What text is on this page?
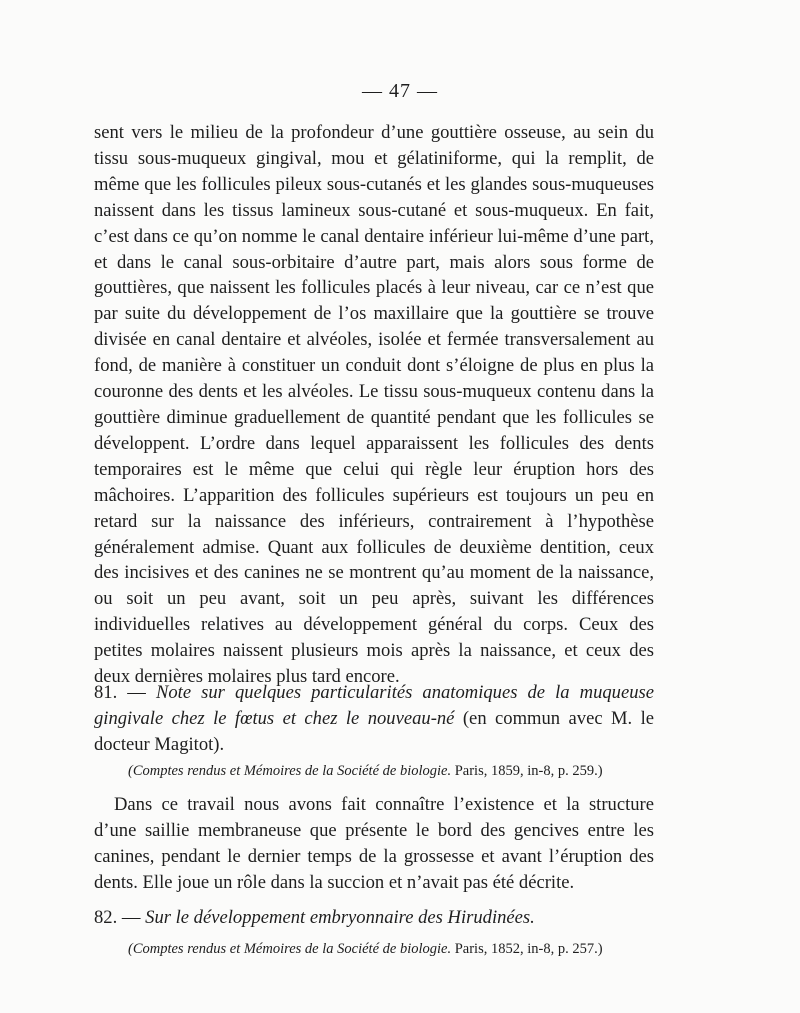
— 47 —

sent vers le milieu de la profondeur d’une gouttière osseuse, au sein du tissu sous-muqueux gingival, mou et gélatiniforme, qui la remplit, de même que les follicules pileux sous-cutanés et les glandes sous-muqueuses naissent dans les tissus lamineux sous-cutané et sous-muqueux. En fait, c’est dans ce qu’on nomme le canal dentaire inférieur lui-même d’une part, et dans le canal sous-orbitaire d’autre part, mais alors sous forme de gouttières, que naissent les follicules placés à leur niveau, car ce n’est que par suite du développement de l’os maxillaire que la gouttière se trouve divisée en canal dentaire et alvéoles, isolée et fermée transversalement au fond, de manière à constituer un conduit dont s’éloigne de plus en plus la couronne des dents et les alvéoles. Le tissu sous-muqueux contenu dans la gouttière diminue graduellement de quantité pendant que les follicules se développent. L’ordre dans lequel apparaissent les follicules des dents temporaires est le même que celui qui règle leur éruption hors des mâchoires. L’apparition des follicules supérieurs est toujours un peu en retard sur la naissance des inférieurs, contrairement à l’hypothèse généralement admise. Quant aux follicules de deuxième dentition, ceux des incisives et des canines ne se montrent qu’au moment de la naissance, ou soit un peu avant, soit un peu après, suivant les différences individuelles relatives au développement général du corps. Ceux des petites molaires naissent plusieurs mois après la naissance, et ceux des deux dernières molaires plus tard encore.

81. — Note sur quelques particularités anatomiques de la muqueuse gingivale chez le fœtus et chez le nouveau-né (en commun avec M. le docteur Magitot).

(Comptes rendus et Mémoires de la Société de biologie. Paris, 1859, in-8, p. 259.)

Dans ce travail nous avons fait connaître l’existence et la structure d’une saillie membraneuse que présente le bord des gencives entre les canines, pendant le dernier temps de la grossesse et avant l’éruption des dents. Elle joue un rôle dans la succion et n’avait pas été décrite.

82. — Sur le développement embryonnaire des Hirudinées.

(Comptes rendus et Mémoires de la Société de biologie. Paris, 1852, in-8, p. 257.)
